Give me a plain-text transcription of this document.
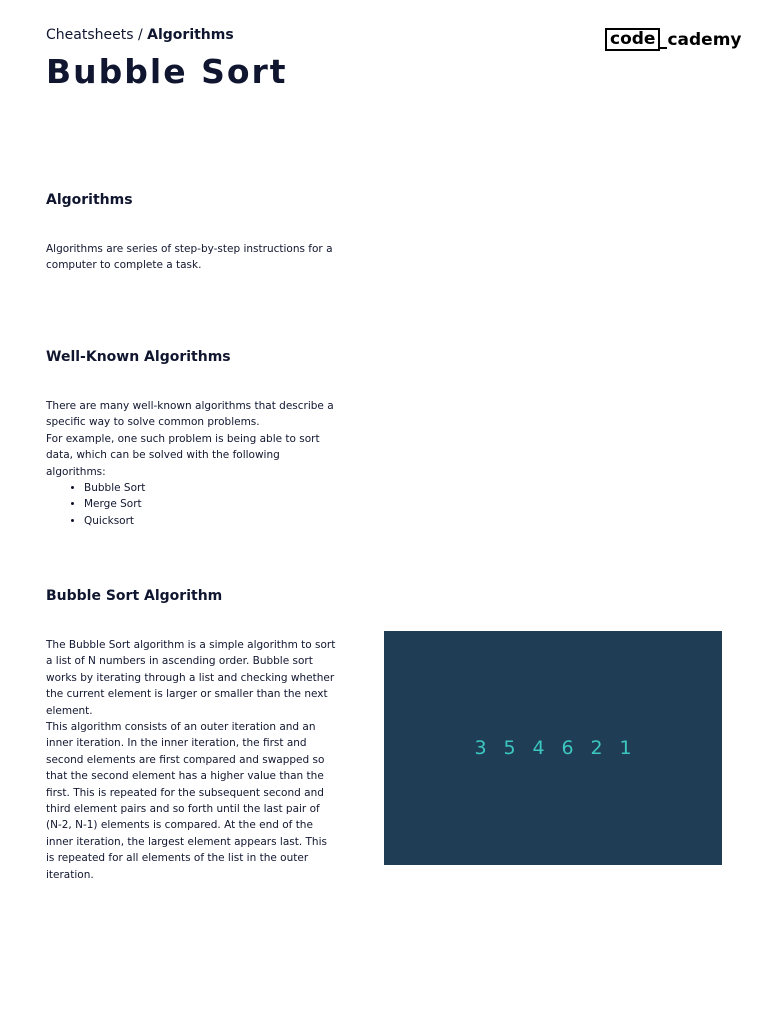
Cheatsheets / Algorithms	code cademy
Bubble Sort
Algorithms

Algorithms are series of step-by-step instructions for a computer to complete a task.

Well-Known Algorithms

There are many well-known algorithms that describe a specific way to solve common problems.

For example, one such problem is being able to sort data, which can be solved with the following algorithms:

• Bubble Sort
• Merge Sort
• Quicksort
Bubble Sort Algorithm

The Bubble Sort algorithm is a simple algorithm to sort a list of N numbers in ascending order. Bubble sort works by iterating through a list and checking whether the current element is larger or smaller than the next element.

This algorithm consists of an outer iteration and an inner iteration. In the inner iteration, the first and second elements are first compared and swapped so that the second element has a higher value than the first. This is repeated for the subsequent second and third element pairs and so forth until the last pair of (N-2, N-1) elements is compared. At the end of the inner iteration, the largest element appears last. This is repeated for all elements of the list in the outer iteration.

3 5 4 6 2 1
